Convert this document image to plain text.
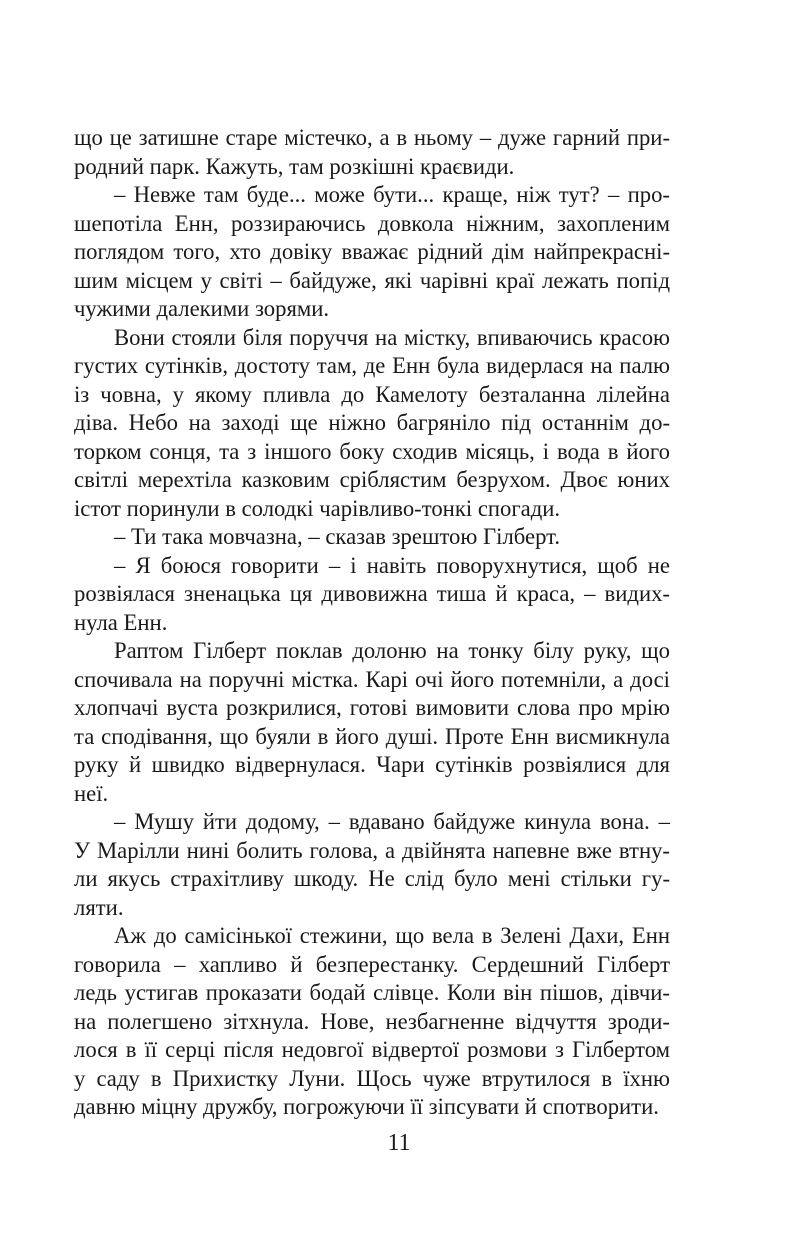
що це затишне старе містечко, а в ньому – дуже гарний при-
родний парк. Кажуть, там розкішні краєвиди.
– Невже там буде... може бути... краще, ніж тут? – про-
шепотіла Енн, роззираючись довкола ніжним, захопленим
поглядом того, хто довіку вважає рідний дім найпрекрасні-
шим місцем у світі – байдуже, які чарівні краї лежать попід
чужими далекими зорями.
Вони стояли біля поруччя на містку, впиваючись красою
густих сутінків, достоту там, де Енн була видерлася на палю
із човна, у якому пливла до Камелоту безталанна лілейна
діва. Небо на заході ще ніжно багряніло під останнім до-
торком сонця, та з іншого боку сходив місяць, і вода в його
світлі мерехтіла казковим сріблястим безрухом. Двоє юних
істот поринули в солодкі чарівливо-тонкі спогади.
– Ти така мовчазна, – сказав зрештою Гілберт.
– Я боюся говорити – і навіть поворухнутися, щоб не
розвіялася зненацька ця дивовижна тиша й краса, – видих-
нула Енн.
Раптом Гілберт поклав долоню на тонку білу руку, що
спочивала на поручні містка. Карі очі його потемніли, а досі
хлопчачі вуста розкрилися, готові вимовити слова про мрію
та сподівання, що буяли в його душі. Проте Енн висмикнула
руку й швидко відвернулася. Чари сутінків розвіялися для
неї.
– Мушу йти додому, – вдавано байдуже кинула вона. –
У Марілли нині болить голова, а двійнята напевне вже втну-
ли якусь страхітливу шкоду. Не слід було мені стільки гу-
ляти.
Аж до самісінької стежини, що вела в Зелені Дахи, Енн
говорила – хапливо й безперестанку. Сердешний Гілберт
ледь устигав проказати бодай слівце. Коли він пішов, дівчи-
на полегшено зітхнула. Нове, незбагненне відчуття зроди-
лося в її серці після недовгої відвертої розмови з Гілбертом
у саду в Прихистку Луни. Щось чуже втрутилося в їхню
давню міцну дружбу, погрожуючи її зіпсувати й спотворити.
11
